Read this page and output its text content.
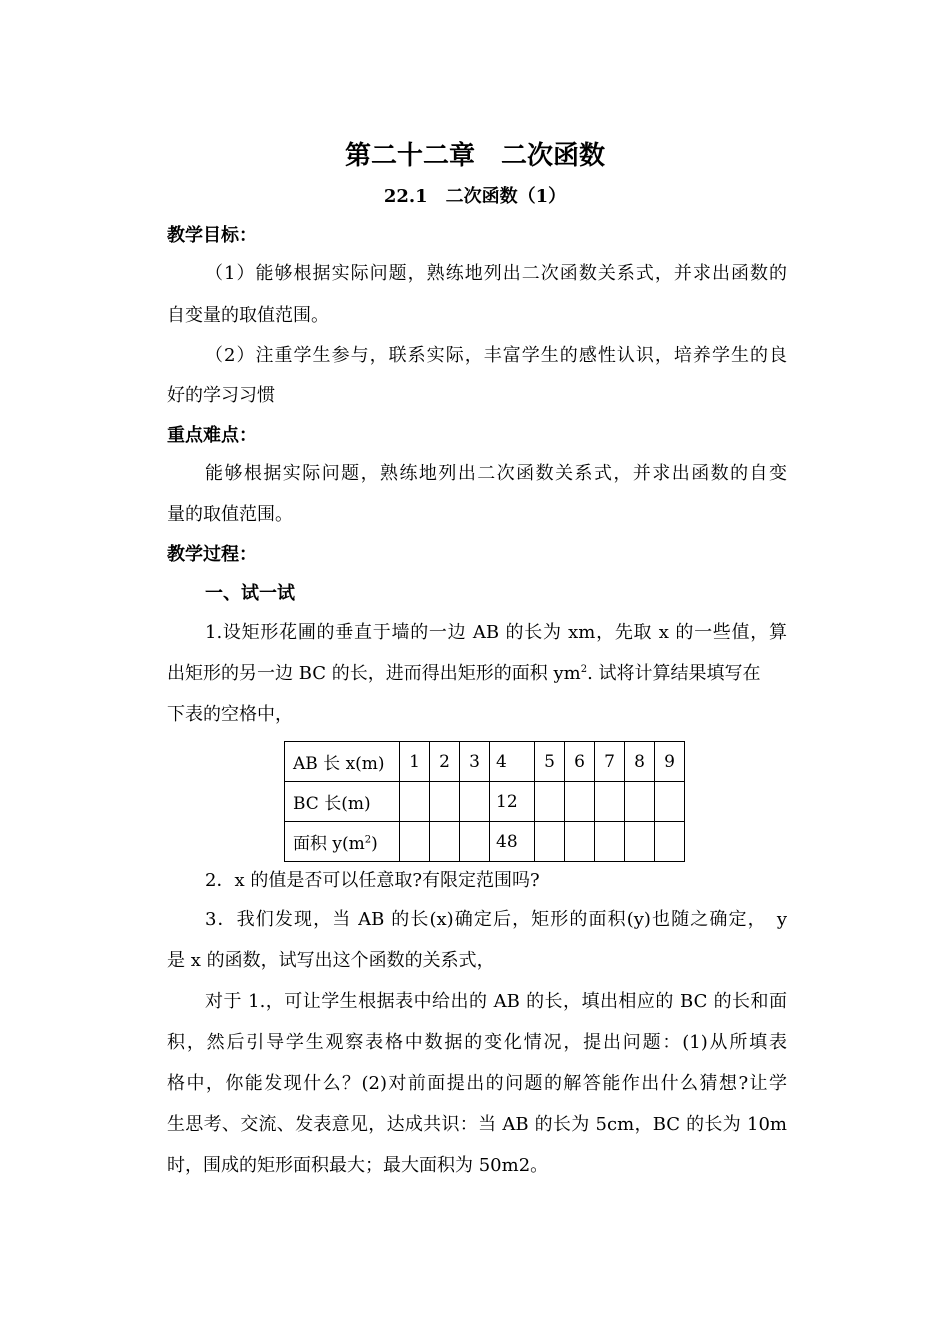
第二十二章　二次函数
22.1　二次函数（1）
教学目标：
（1）能够根据实际问题，熟练地列出二次函数关系式，并求出函数的
自变量的取值范围。
（2）注重学生参与，联系实际，丰富学生的感性认识，培养学生的良
好的学习习惯
重点难点：
能够根据实际问题，熟练地列出二次函数关系式，并求出函数的自变
量的取值范围。
教学过程：
一、试一试
1.设矩形花圃的垂直于墙的一边 AB 的长为 xm，先取 x 的一些值，算
出矩形的另一边 BC 的长，进而得出矩形的面积 $ym^2$. 试将计算结果填写在
下表的空格中，
AB 长 x(m)	1	2	3	4	5	6	7	8	9
BC 长(m)				12					
面积 $y(m^2)$				48					
2．x 的值是否可以任意取?有限定范围吗?
3．我们发现，当 AB 的长(x)确定后，矩形的面积(y)也随之确定，　y
是 x 的函数，试写出这个函数的关系式，
对于 1.，可让学生根据表中给出的 AB 的长，填出相应的 BC 的长和面
积，然后引导学生观察表格中数据的变化情况，提出问题：(1)从所填表
格中，你能发现什么？(2)对前面提出的问题的解答能作出什么猜想?让学
生思考、交流、发表意见，达成共识：当 AB 的长为 5cm，BC 的长为 10m
时，围成的矩形面积最大；最大面积为 50m2。
